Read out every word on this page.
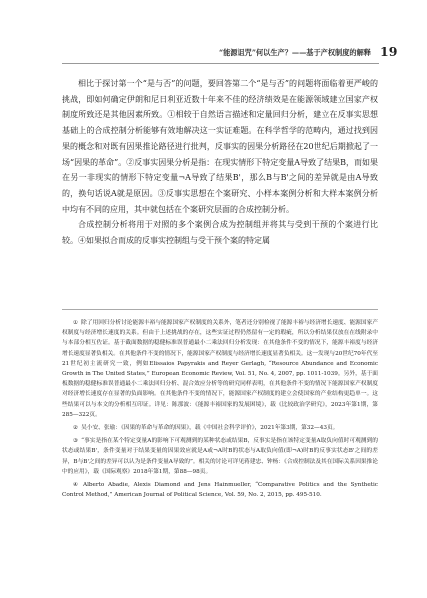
“能源诅咒”何以生产？——基于产权制度的解释 19

相比于探讨第一个“是与否”的问题，要回答第二个“是与否”的问题将面临着更严峻的挑战，即如何确定伊朗和尼日利亚近数十年来不佳的经济绩效是在能源领域建立国家产权制度所致还是其他因素所致。①相较于自然语言描述和定量回归分析，建立在反事实思想基础上的合成控制分析能够有效地解决这一实证难题。在科学哲学的范畴内，通过找到因果的概念和对既有因果推论路径进行批判，反事实的因果分析路径在20世纪后期掀起了一场“因果的革命”。②反事实因果分析是指：在现实情形下特定变量A导致了结果B，而如果在另一非现实的情形下特定变量¬A导致了结果B'，那么B与B'之间的差异就是由A导致的，换句话说A就是原因。③反事实思想在个案研究、小样本案例分析和大样本案例分析中均有不同的应用，其中就包括在个案研究层面的合成控制分析。

合成控制分析将用于对照的多个案例合成为控制组并将其与受到干预的个案进行比较。④如果拟合而成的反事实控制组与受干预个案的特定属

① 除了用回归分析讨论能源丰裕与能源国家产权制度的关系外，笔者还分别检视了能源丰裕与经济增长速度、能源国家产权制度与经济增长速度的关系。但由于上述挑战的存在，这些实证过程仍然留有一定的瑕疵，所以分析结果仅放在在线附录中与本部分相互佐证。基于截面数据的稳健标准误普通最小二乘法回归分析发现：在其他条件不变的情况下，能源丰裕度与经济增长速度显著负相关。在其他条件不变的情况下，能源国家产权制度与经济增长速度显著负相关。这一发现与20世纪70年代至21世纪初主流研究一致，例如Elissaios Papyrakis and Reyer Gerlagh, “Resource Abundance and Economic Growth in The United States,” European Economic Review, Vol. 51, No. 4, 2007, pp. 1011-1039。另外，基于面板数据的稳健标准误普通最小二乘法回归分析、混合效应分析等的研究同样表明，在其他条件不变的情况下能源国家产权制度对经济增长速度存在显著的负面影响。在其他条件不变的情况下，能源国家产权制度的建立会使国家的产业结构更趋单一。这些结果可以与本文的分析相互印证。详见：陈那波：《能源丰裕国家的发展困境》，载《比较政治学研究》，2023年第1期，第285—322页。

② 吴小安、张瑜：《因果的革命与革命的因果》，载《中国社会科学评价》，2021年第3期，第32—43页。

③ “事实是指在某个特定变量A的影响下可观测到的某种状态或结果B，反事实是指在该特定变量A取负向值时可观测到的状态或结果B'，条件变量对于结果变量的因果效应就是A或¬A时B的状态与A取负向值(即¬A)时B的反事实状态B'之间的差异，B与B'之间的差异可以认为是条件变量A导致的”。相关的讨论可详见蒋建忠、钟杨：《合成控制法及其在国际关系因果推论中的应用》，载《国际观察》2018年第1期，第88—98页。

④ Alberto Abadie, Alexis Diamond and Jens Hainmueller, “Comparative Politics and the Synthetic Control Method,” American Journal of Political Science, Vol. 59, No. 2, 2015, pp. 495-510.
